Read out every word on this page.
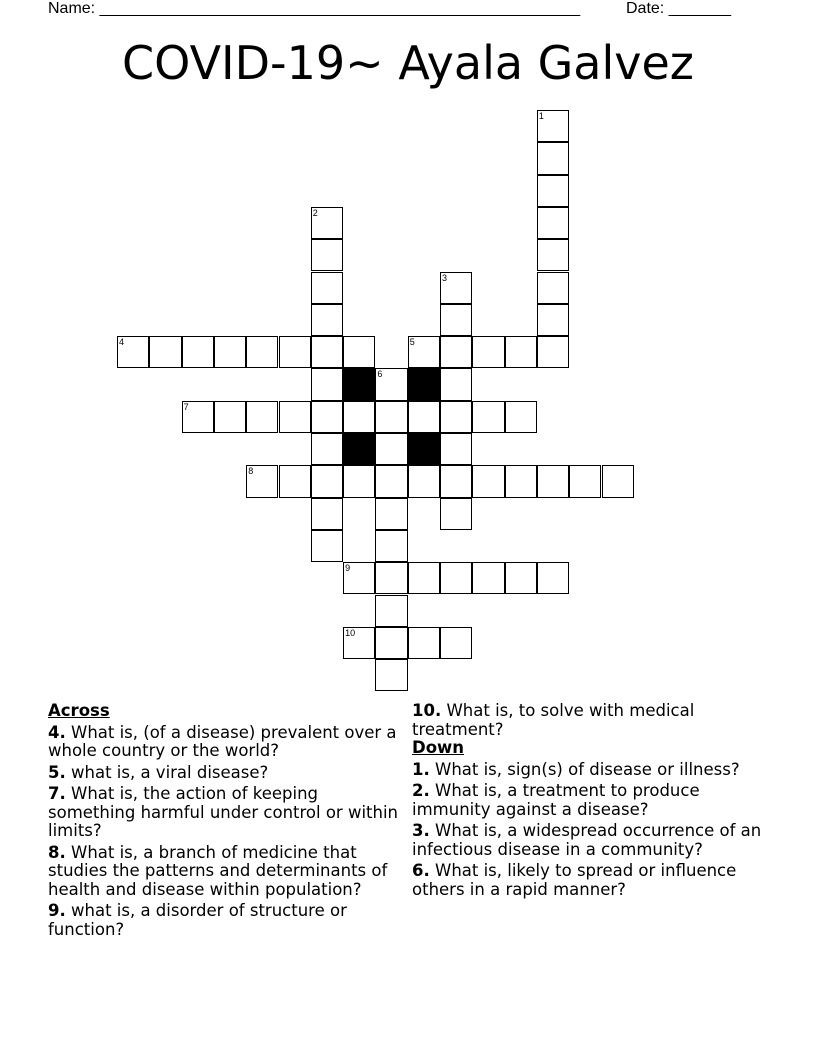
Name: ______________________________________________________	Date: _______
COVID-19~ Ayala Galvez
1
2
3
4	5
6
7
8
9
10
Across
4. What is, (of a disease) prevalent over a whole country or the world?
5. what is, a viral disease?
7. What is, the action of keeping something harmful under control or within limits?
8. What is, a branch of medicine that studies the patterns and determinants of health and disease within population?
9. what is, a disorder of structure or function?
10. What is, to solve with medical treatment?
Down
1. What is, sign(s) of disease or illness?
2. What is, a treatment to produce immunity against a disease?
3. What is, a widespread occurrence of an infectious disease in a community?
6. What is, likely to spread or influence others in a rapid manner?
